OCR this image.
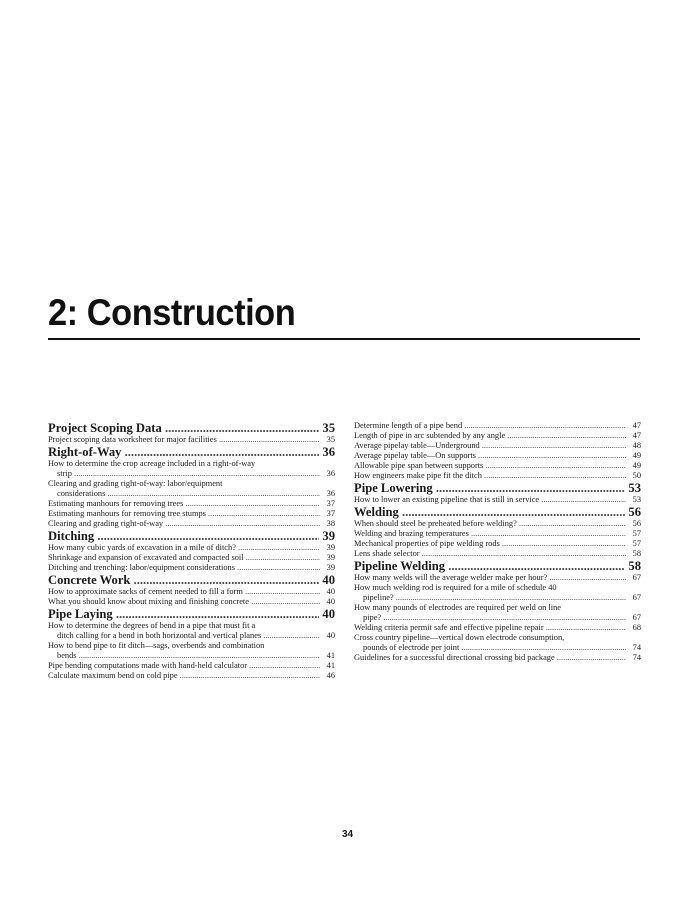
2: Construction
Project Scoping Data .....	35
Project scoping data worksheet for major facilities .....	35
Right-of-Way .....	36
How to determine the crop acreage included in a right-of-way
strip .....	36
Clearing and grading right-of-way: labor/equipment
considerations .....	36
Estimating manhours for removing trees .....	37
Estimating manhours for removing tree stumps .....	37
Clearing and grading right-of-way .....	38
Ditching .....	39
How many cubic yards of excavation in a mile of ditch? .....	39
Shrinkage and expansion of excavated and compacted soil .....	39
Ditching and trenching: labor/equipment considerations .....	39
Concrete Work .....	40
How to approximate sacks of cement needed to fill a form .....	40
What you should know about mixing and finishing concrete .....	40
Pipe Laying .....	40
How to determine the degrees of bend in a pipe that must fit a
ditch calling for a bend in both horizontal and vertical planes .....	40
How to bend pipe to fit ditch—sags, overbends and combination
bends .....	41
Pipe bending computations made with hand-held calculator .....	41
Calculate maximum bend on cold pipe .....	46
Determine length of a pipe bend .....	47
Length of pipe in arc subtended by any angle .....	47
Average pipelay table—Underground .....	48
Average pipelay table—On supports .....	49
Allowable pipe span between supports .....	49
How engineers make pipe fit the ditch .....	50
Pipe Lowering .....	53
How to lower an existing pipeline that is still in service .....	53
Welding .....	56
When should steel be preheated before welding? .....	56
Welding and brazing temperatures .....	57
Mechanical properties of pipe welding rods .....	57
Lens shade selector .....	58
Pipeline Welding .....	58
How many welds will the average welder make per hour? .....	67
How much welding rod is required for a mile of schedule 40
pipeline? .....	67
How many pounds of electrodes are required per weld on line
pipe? .....	67
Welding criteria permit safe and effective pipeline repair .....	68
Cross country pipeline—vertical down electrode consumption,
pounds of electrode per joint .....	74
Guidelines for a successful directional crossing bid package .....	74
34
